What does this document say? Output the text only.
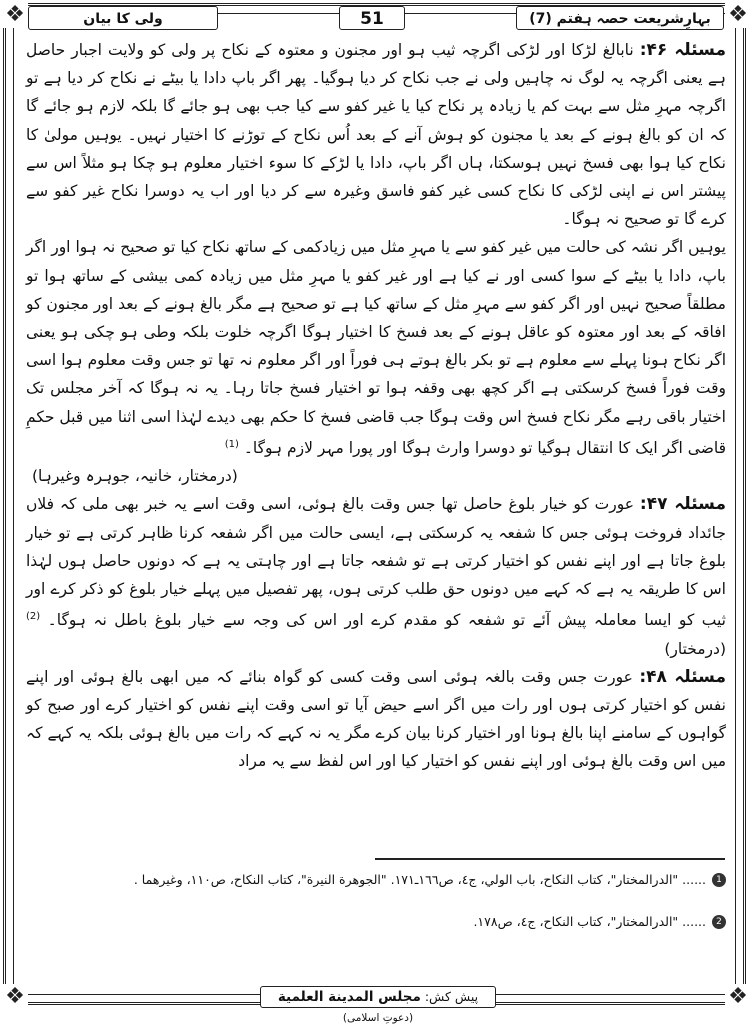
❖	❖
❖	❖
بہارِشریعت حصہ ہفتم (7)
51
ولی کا بیان

مسئلہ ۴۶: نابالغ لڑکا اور لڑکی اگرچہ ثیب ہو اور مجنون و معتوہ کے نکاح پر ولی کو ولایت اجبار حاصل ہے یعنی اگرچہ یہ لوگ نہ چاہیں ولی نے جب نکاح کر دیا ہوگیا۔ پھر اگر باپ دادا یا بیٹے نے نکاح کر دیا ہے تو اگرچہ مہرِ مثل سے بہت کم یا زیادہ پر نکاح کیا یا غیر کفو سے کیا جب بھی ہو جائے گا بلکہ لازم ہو جائے گا کہ ان کو بالغ ہونے کے بعد یا مجنون کو ہوش آنے کے بعد اُس نکاح کے توڑنے کا اختیار نہیں۔ یوہیں مولیٰ کا نکاح کیا ہوا بھی فسخ نہیں ہوسکتا، ہاں اگر باپ، دادا یا لڑکے کا سوء اختیار معلوم ہو چکا ہو مثلاً اس سے پیشتر اس نے اپنی لڑکی کا نکاح کسی غیر کفو فاسق وغیرہ سے کر دیا اور اب یہ دوسرا نکاح غیر کفو سے کرے گا تو صحیح نہ ہوگا۔

یوہیں اگر نشہ کی حالت میں غیر کفو سے یا مہرِ مثل میں زیادکمی کے ساتھ نکاح کیا تو صحیح نہ ہوا اور اگر باپ، دادا یا بیٹے کے سوا کسی اور نے کیا ہے اور غیر کفو یا مہرِ مثل میں زیادہ کمی بیشی کے ساتھ ہوا تو مطلقاً صحیح نہیں اور اگر کفو سے مہرِ مثل کے ساتھ کیا ہے تو صحیح ہے مگر بالغ ہونے کے بعد اور مجنون کو افاقہ کے بعد اور معتوہ کو عاقل ہونے کے بعد فسخ کا اختیار ہوگا اگرچہ خلوت بلکہ وطی ہو چکی ہو یعنی اگر نکاح ہونا پہلے سے معلوم ہے تو بکر بالغ ہوتے ہی فوراً اور اگر معلوم نہ تھا تو جس وقت معلوم ہوا اسی وقت فوراً فسخ کرسکتی ہے اگر کچھ بھی وقفہ ہوا تو اختیار فسخ جاتا رہا۔ یہ نہ ہوگا کہ آخر مجلس تک اختیار باقی رہے مگر نکاح فسخ اس وقت ہوگا جب قاضی فسخ کا حکم بھی دیدے لہٰذا اسی اثنا میں قبل حکمِ قاضی اگر ایک کا انتقال ہوگیا تو دوسرا وارث ہوگا اور پورا مہر لازم ہوگا۔ $^{(1)}$

(درمختار، خانیہ، جوہرہ وغیرہا)

مسئلہ ۴۷: عورت کو خیار بلوغ حاصل تھا جس وقت بالغ ہوئی، اسی وقت اسے یہ خبر بھی ملی کہ فلاں جائداد فروخت ہوئی جس کا شفعہ یہ کرسکتی ہے، ایسی حالت میں اگر شفعہ کرنا ظاہر کرتی ہے تو خیار بلوغ جاتا ہے اور اپنے نفس کو اختیار کرتی ہے تو شفعہ جاتا ہے اور چاہتی یہ ہے کہ دونوں حاصل ہوں لہٰذا اس کا طریقہ یہ ہے کہ کہے میں دونوں حق طلب کرتی ہوں، پھر تفصیل میں پہلے خیار بلوغ کو ذکر کرے اور ثیب کو ایسا معاملہ پیش آئے تو شفعہ کو مقدم کرے اور اس کی وجہ سے خیار بلوغ باطل نہ ہوگا۔ $^{(2)}$ (درمختار)

مسئلہ ۴۸: عورت جس وقت بالغہ ہوئی اسی وقت کسی کو گواہ بنائے کہ میں ابھی بالغ ہوئی اور اپنے نفس کو اختیار کرتی ہوں اور رات میں اگر اسے حیض آیا تو اسی وقت اپنے نفس کو اختیار کرے اور صبح کو گواہوں کے سامنے اپنا بالغ ہونا اور اختیار کرنا بیان کرے مگر یہ نہ کہے کہ رات میں بالغ ہوئی بلکہ یہ کہے کہ میں اس وقت بالغ ہوئی اور اپنے نفس کو اختیار کیا اور اس لفظ سے یہ مراد

1
...... "الدرالمختار"، كتاب النكاح، باب الولي، ج٤، ص١٦٦ـ١٧١. "الجوهرة النيرة"، كتاب النكاح، ص١١٠، وغيرهما .
2
...... "الدرالمختار"، كتاب النكاح، ج٤، ص١٧٨.
پیش کش: مجلس المدينة العلمية (دعوتِ اسلامی)
